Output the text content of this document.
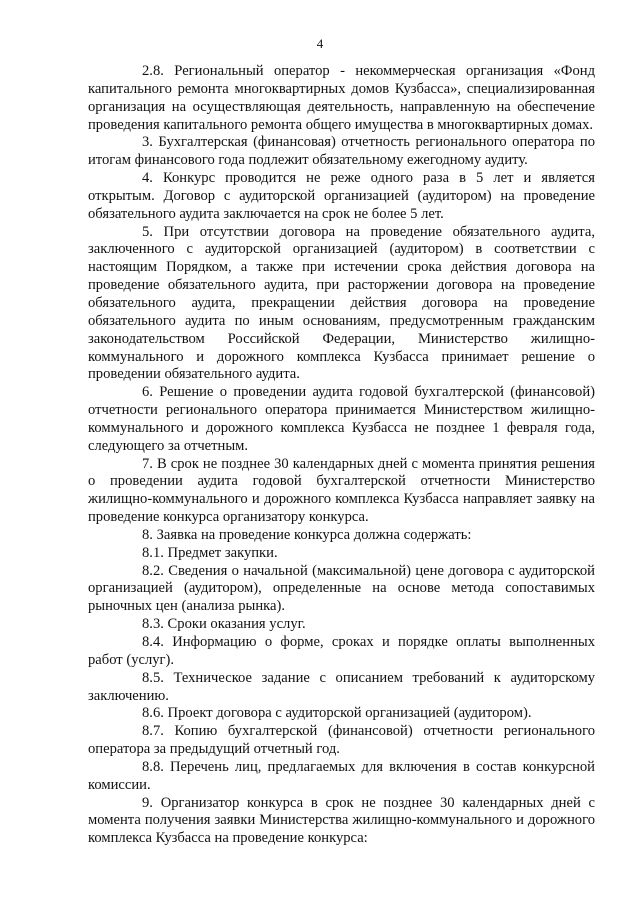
4

2.8. Региональный оператор - некоммерческая организация «Фонд капитального ремонта многоквартирных домов Кузбасса», специализированная организация на осуществляющая деятельность, направленную на обеспечение проведения капитального ремонта общего имущества в многоквартирных домах.

3. Бухгалтерская (финансовая) отчетность регионального оператора по итогам финансового года подлежит обязательному ежегодному аудиту.

4. Конкурс проводится не реже одного раза в 5 лет и является открытым. Договор с аудиторской организацией (аудитором) на проведение обязательного аудита заключается на срок не более 5 лет.

5. При отсутствии договора на проведение обязательного аудита, заключенного с аудиторской организацией (аудитором) в соответствии с настоящим Порядком, а также при истечении срока действия договора на проведение обязательного аудита, при расторжении договора на проведение обязательного аудита, прекращении действия договора на проведение обязательного аудита по иным основаниям, предусмотренным гражданским законодательством Российской Федерации, Министерство жилищно-коммунального и дорожного комплекса Кузбасса принимает решение о проведении обязательного аудита.

6. Решение о проведении аудита годовой бухгалтерской (финансовой) отчетности регионального оператора принимается Министерством жилищно-коммунального и дорожного комплекса Кузбасса не позднее 1 февраля года, следующего за отчетным.

7. В срок не позднее 30 календарных дней с момента принятия решения о проведении аудита годовой бухгалтерской отчетности Министерство жилищно-коммунального и дорожного комплекса Кузбасса направляет заявку на проведение конкурса организатору конкурса.

8. Заявка на проведение конкурса должна содержать:

8.1. Предмет закупки.

8.2. Сведения о начальной (максимальной) цене договора с аудиторской организацией (аудитором), определенные на основе метода сопоставимых рыночных цен (анализа рынка).

8.3. Сроки оказания услуг.

8.4. Информацию о форме, сроках и порядке оплаты выполненных работ (услуг).

8.5. Техническое задание с описанием требований к аудиторскому заключению.

8.6. Проект договора с аудиторской организацией (аудитором).

8.7. Копию бухгалтерской (финансовой) отчетности регионального оператора за предыдущий отчетный год.

8.8. Перечень лиц, предлагаемых для включения в состав конкурсной комиссии.

9. Организатор конкурса в срок не позднее 30 календарных дней с момента получения заявки Министерства жилищно-коммунального и дорожного комплекса Кузбасса на проведение конкурса:
